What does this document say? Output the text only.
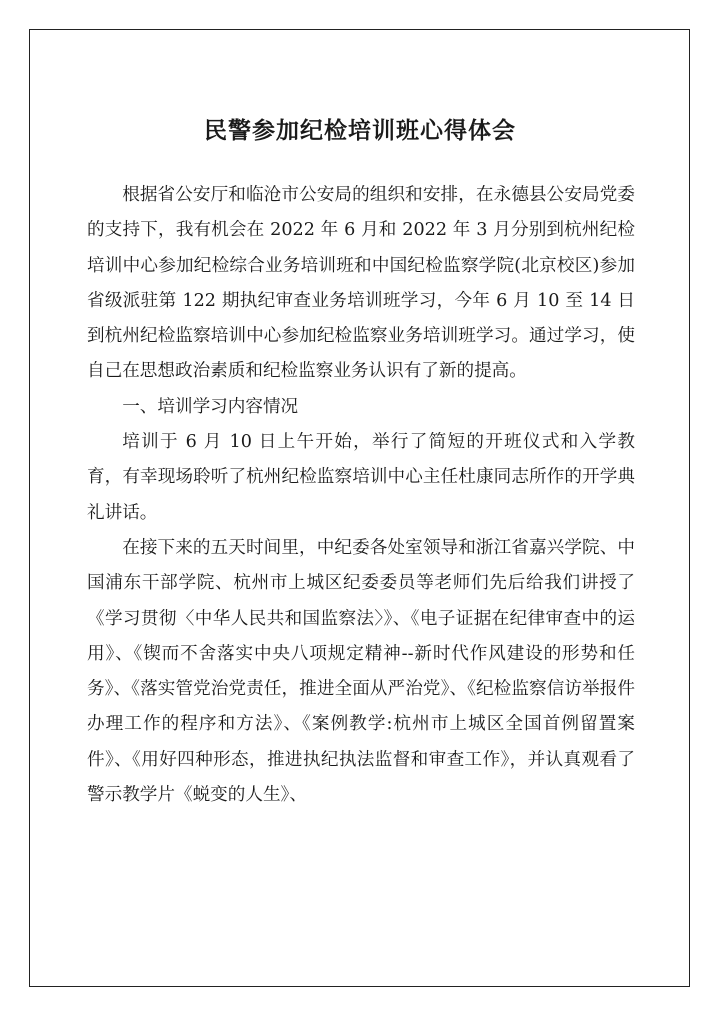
民警参加纪检培训班心得体会

根据省公安厅和临沧市公安局的组织和安排，在永德县公安局党委的支持下，我有机会在 2022 年 6 月和 2022 年 3 月分别到杭州纪检培训中心参加纪检综合业务培训班和中国纪检监察学院(北京校区)参加省级派驻第 122 期执纪审查业务培训班学习，今年 6 月 10 至 14 日到杭州纪检监察培训中心参加纪检监察业务培训班学习。通过学习，使自己在思想政治素质和纪检监察业务认识有了新的提高。

一、培训学习内容情况

培训于 6 月 10 日上午开始，举行了简短的开班仪式和入学教育，有幸现场聆听了杭州纪检监察培训中心主任杜康同志所作的开学典礼讲话。

在接下来的五天时间里，中纪委各处室领导和浙江省嘉兴学院、中国浦东干部学院、杭州市上城区纪委委员等老师们先后给我们讲授了《学习贯彻〈中华人民共和国监察法〉》、《电子证据在纪律审查中的运用》、《锲而不舍落实中央八项规定精神--新时代作风建设的形势和任务》、《落实管党治党责任，推进全面从严治党》、《纪检监察信访举报件办理工作的程序和方法》、《案例教学:杭州市上城区全国首例留置案件》、《用好四种形态，推进执纪执法监督和审查工作》，并认真观看了警示教学片《蜕变的人生》、
